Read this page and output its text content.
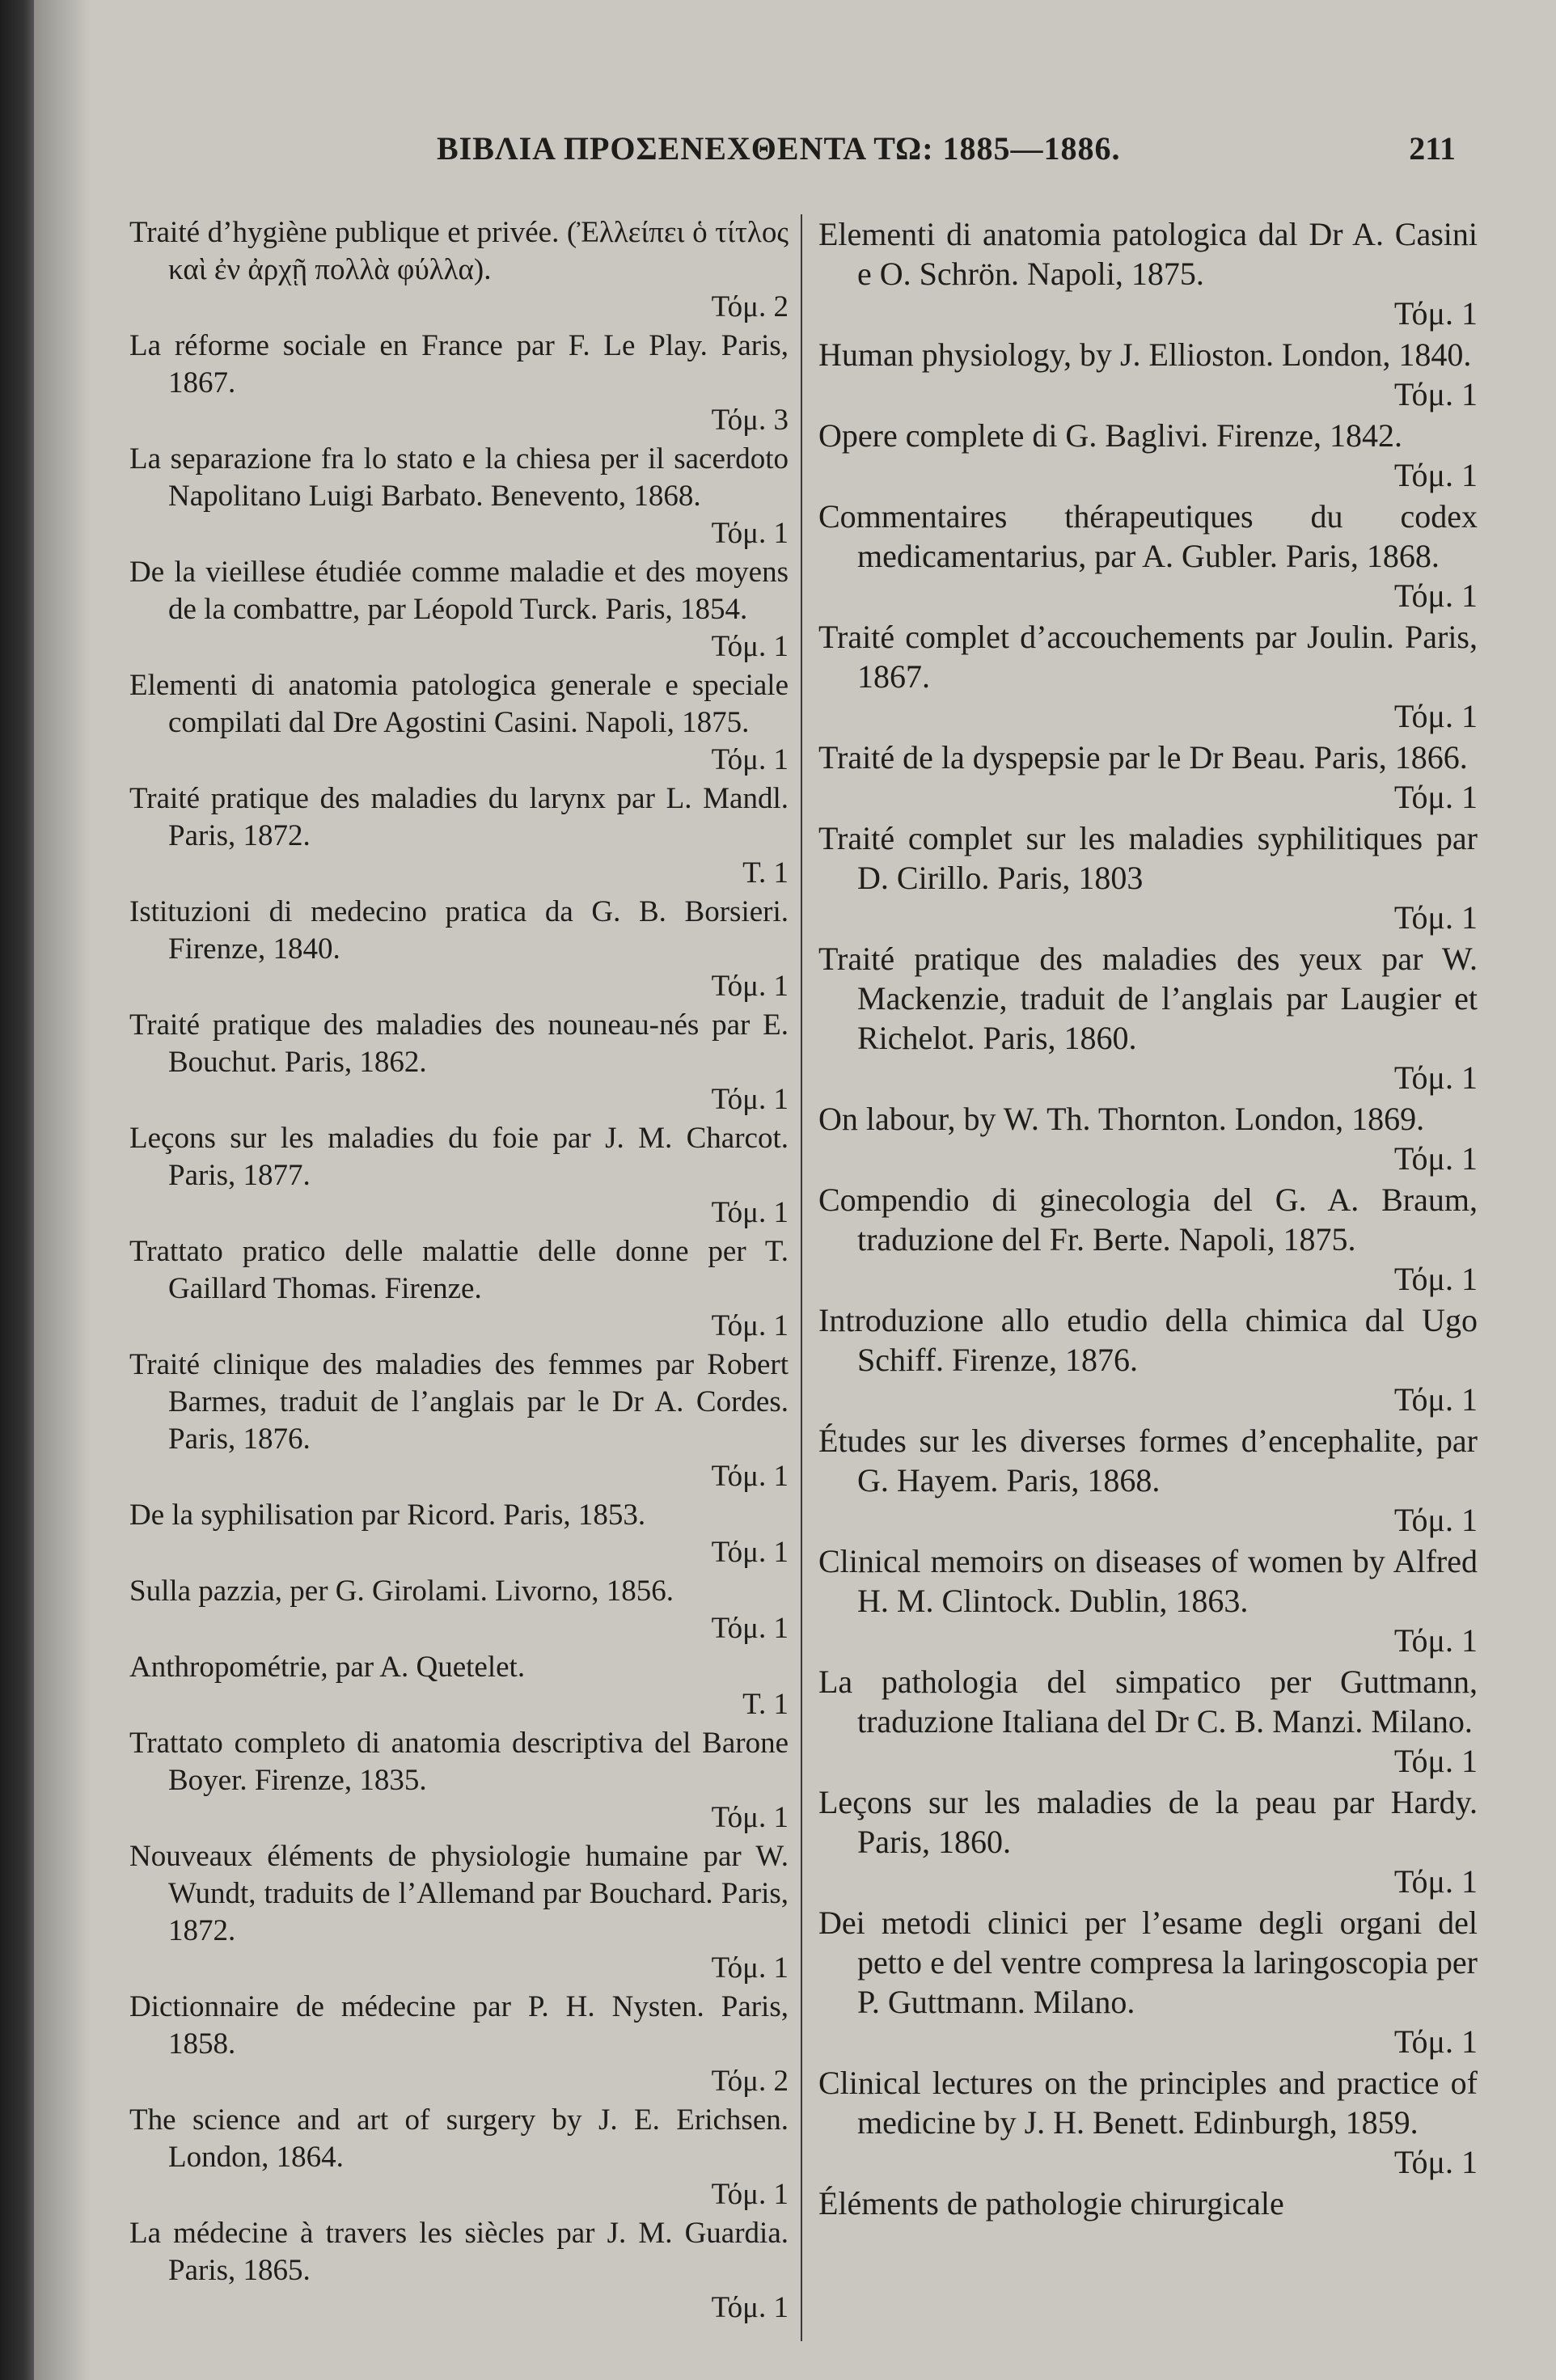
ΒΙΒΛΙΑ ΠΡΟΣΕΝΕΧΘΕΝΤΑ ΤΩ: 1885—1886.	211
Traité d’hygiène publique et privée. (Ἐλλείπει ὁ τίτλος καὶ ἐν ἀρχῇ πολλὰ φύλλα).
Τόμ. 2
La réforme sociale en France par F. Le Play. Paris, 1867.
Τόμ. 3
La separazione fra lo stato e la chiesa per il sacerdoto Napolitano Luigi Barbato. Benevento, 1868.
Τόμ. 1
De la vieillese étudiée comme maladie et des moyens de la combattre, par Léopold Turck. Paris, 1854.
Τόμ. 1
Elementi di anatomia patologica generale e speciale compilati dal Dre Agostini Casini. Napoli, 1875.
Τόμ. 1
Traité pratique des maladies du larynx par L. Mandl. Paris, 1872.
T. 1
Istituzioni di medecino pratica da G. B. Borsieri. Firenze, 1840.
Τόμ. 1
Traité pratique des maladies des nouneau-nés par E. Bouchut. Paris, 1862.
Τόμ. 1
Leçons sur les maladies du foie par J. M. Charcot. Paris, 1877.
Τόμ. 1
Trattato pratico delle malattie delle donne per T. Gaillard Thomas. Firenze.
Τόμ. 1
Traité clinique des maladies des femmes par Robert Barmes, traduit de l’anglais par le Dr A. Cordes. Paris, 1876.
Τόμ. 1
De la syphilisation par Ricord. Paris, 1853.
Τόμ. 1
Sulla pazzia, per G. Girolami. Livorno, 1856.
Τόμ. 1
Anthropométrie, par A. Quetelet.
T. 1
Trattato completo di anatomia descriptiva del Barone Boyer. Firenze, 1835.
Τόμ. 1
Nouveaux éléments de physiologie humaine par W. Wundt, traduits de l’Allemand par Bouchard. Paris, 1872.
Τόμ. 1
Dictionnaire de médecine par P. H. Nysten. Paris, 1858.
Τόμ. 2
The science and art of surgery by J. E. Erichsen. London, 1864.
Τόμ. 1
La médecine à travers les siècles par J. M. Guardia. Paris, 1865.
Τόμ. 1
Elementi di anatomia patologica dal Dr A. Casini e O. Schrön. Napoli, 1875.
Τόμ. 1
Human physiology, by J. Ellioston. London, 1840.
Τόμ. 1
Opere complete di G. Baglivi. Firenze, 1842.
Τόμ. 1
Commentaires thérapeutiques du codex medicamentarius, par A. Gubler. Paris, 1868.
Τόμ. 1
Traité complet d’accouchements par Joulin. Paris, 1867.
Τόμ. 1
Traité de la dyspepsie par le Dr Beau. Paris, 1866.
Τόμ. 1
Traité complet sur les maladies syphilitiques par D. Cirillo. Paris, 1803
Τόμ. 1
Traité pratique des maladies des yeux par W. Mackenzie, traduit de l’anglais par Laugier et Richelot. Paris, 1860.
Τόμ. 1
On labour, by W. Th. Thornton. London, 1869.
Τόμ. 1
Compendio di ginecologia del G. A. Braum, traduzione del Fr. Berte. Napoli, 1875.
Τόμ. 1
Introduzione allo etudio della chimica dal Ugo Schiff. Firenze, 1876.
Τόμ. 1
Études sur les diverses formes d’encephalite, par G. Hayem. Paris, 1868.
Τόμ. 1
Clinical memoirs on diseases of women by Alfred H. M. Clintock. Dublin, 1863.
Τόμ. 1
La pathologia del simpatico per Guttmann, traduzione Italiana del Dr C. B. Manzi. Milano.
Τόμ. 1
Leçons sur les maladies de la peau par Hardy. Paris, 1860.
Τόμ. 1
Dei metodi clinici per l’esame degli organi del petto e del ventre compresa la laringoscopia per P. Guttmann. Milano.
Τόμ. 1
Clinical lectures on the principles and practice of medicine by J. H. Benett. Edinburgh, 1859.
Τόμ. 1
Éléments de pathologie chirurgicale
